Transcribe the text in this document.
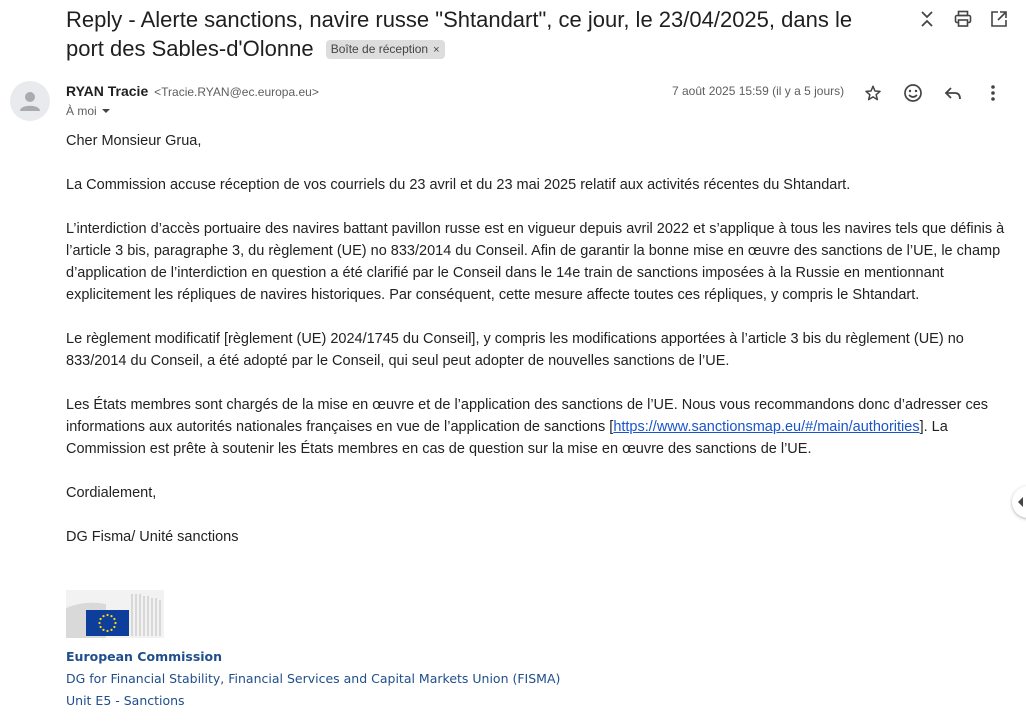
Reply - Alerte sanctions, navire russe "Shtandart", ce jour, le 23/04/2025, dans le port des Sables-d'Olonne Boîte de réception ×
RYAN Tracie <Tracie.RYAN@ec.europa.eu>
À moi
7 août 2025 15:59 (il y a 5 jours)

Cher Monsieur Grua,

La Commission accuse réception de vos courriels du 23 avril et du 23 mai 2025 relatif aux activités récentes du Shtandart.

L’interdiction d’accès portuaire des navires battant pavillon russe est en vigueur depuis avril 2022 et s’applique à tous les navires tels que définis à l’article 3 bis, paragraphe 3, du règlement (UE) no 833/2014 du Conseil. Afin de garantir la bonne mise en œuvre des sanctions de l’UE, le champ d’application de l’interdiction en question a été clarifié par le Conseil dans le 14e train de sanctions imposées à la Russie en mentionnant explicitement les répliques de navires historiques. Par conséquent, cette mesure affecte toutes ces répliques, y compris le Shtandart.

Le règlement modificatif [règlement (UE) 2024/1745 du Conseil], y compris les modifications apportées à l’article 3 bis du règlement (UE) no 833/2014 du Conseil, a été adopté par le Conseil, qui seul peut adopter de nouvelles sanctions de l’UE.

Les États membres sont chargés de la mise en œuvre et de l’application des sanctions de l’UE. Nous vous recommandons donc d’adresser ces informations aux autorités nationales françaises en vue de l’application de sanctions [https://www.sanctionsmap.eu/#/main/authorities]. La Commission est prête à soutenir les États membres en cas de question sur la mise en œuvre des sanctions de l’UE.

Cordialement,

DG Fisma/ Unité sanctions

European Commission
DG for Financial Stability, Financial Services and Capital Markets Union (FISMA)
Unit E5 - Sanctions
